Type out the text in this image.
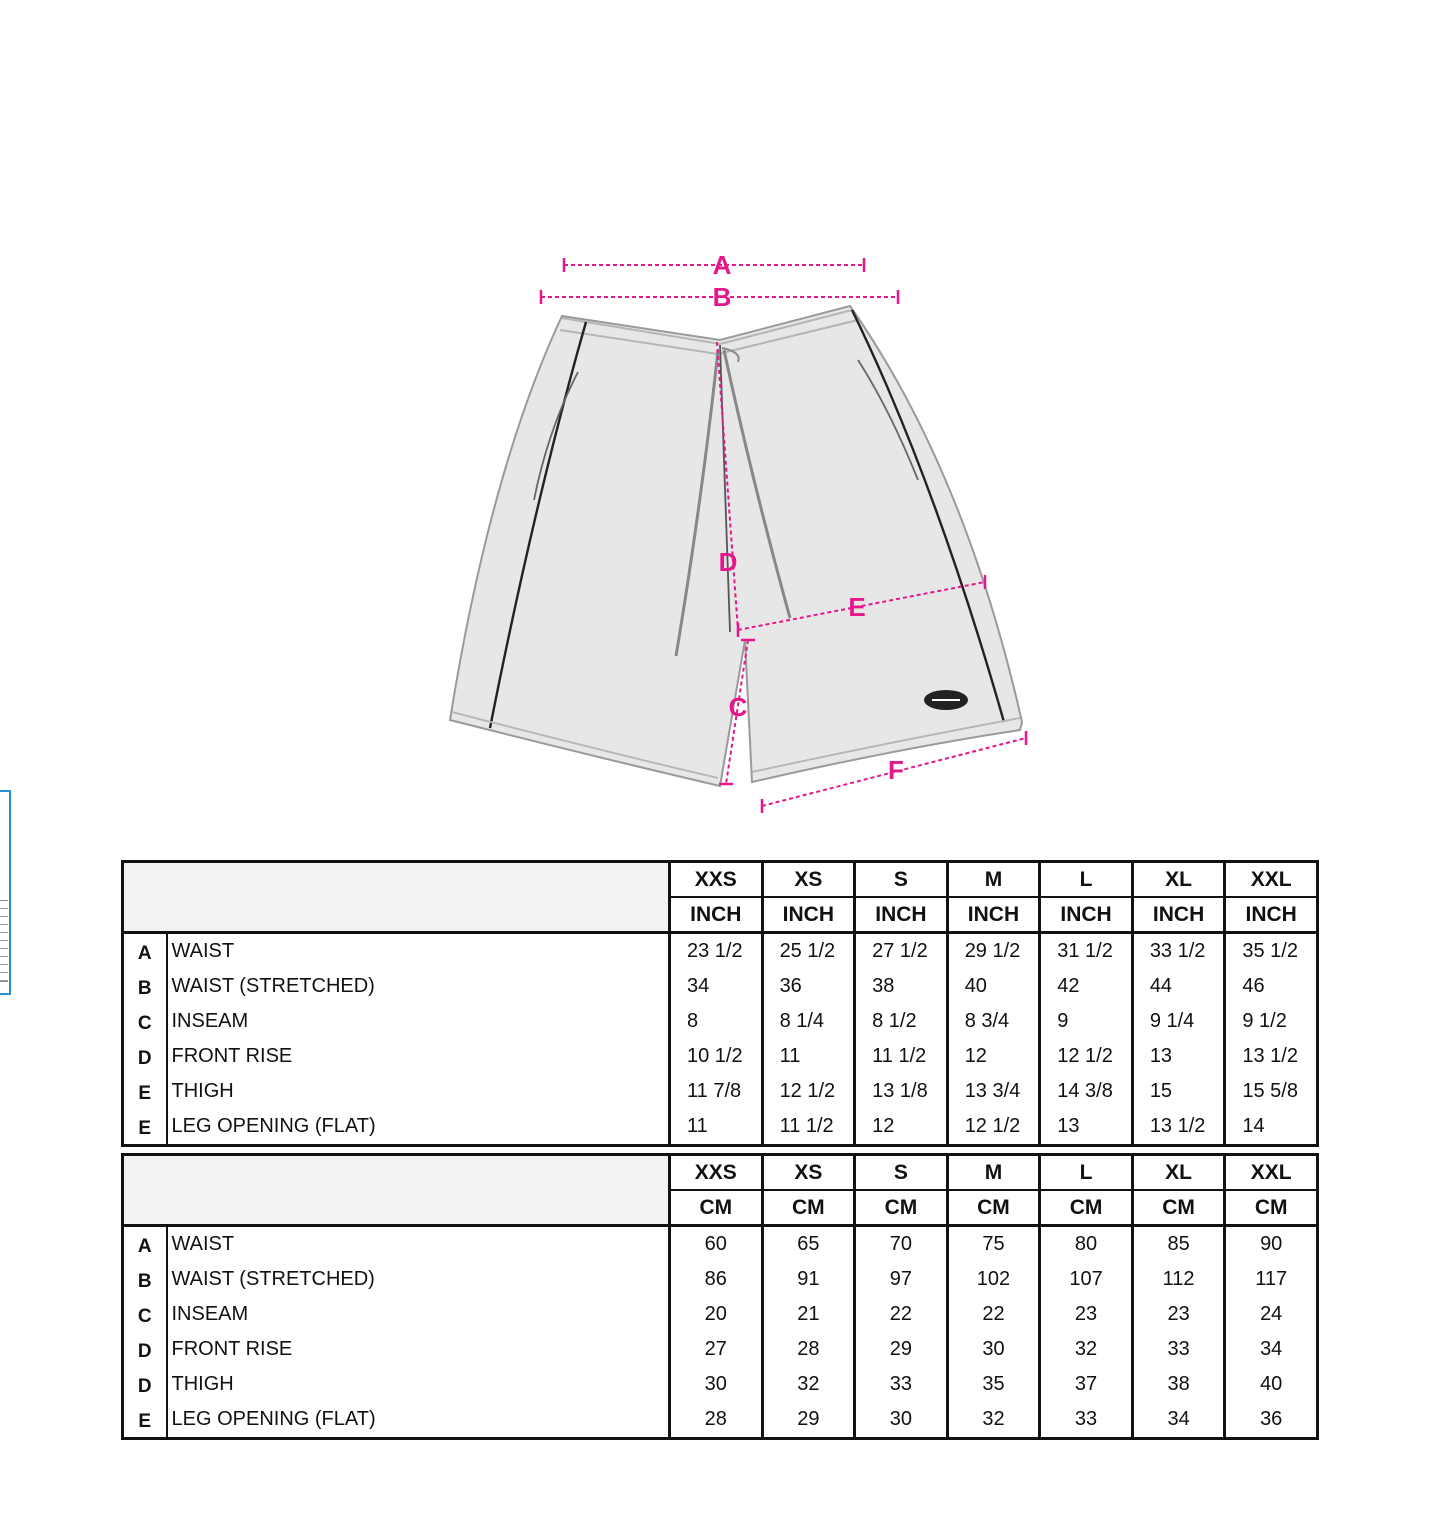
A
B
D
E
C
F
		XXS	XS	S	M	L	XL	XXL
		INCH	INCH	INCH	INCH	INCH	INCH	INCH
A	WAIST	23 1/2	25 1/2	27 1/2	29 1/2	31 1/2	33 1/2	35 1/2
B	WAIST (STRETCHED)	34	36	38	40	42	44	46
C	INSEAM	8	8 1/4	8 1/2	8 3/4	9	9 1/4	9 1/2
D	FRONT RISE	10 1/2	11	11 1/2	12	12 1/2	13	13 1/2
E	THIGH	11 7/8	12 1/2	13 1/8	13 3/4	14 3/8	15	15 5/8
E	LEG OPENING (FLAT)	11	11 1/2	12	12 1/2	13	13 1/2	14
		XXS	XS	S	M	L	XL	XXL
		CM	CM	CM	CM	CM	CM	CM
A	WAIST	60	65	70	75	80	85	90
B	WAIST (STRETCHED)	86	91	97	102	107	112	117
C	INSEAM	20	21	22	22	23	23	24
D	FRONT RISE	27	28	29	30	32	33	34
D	THIGH	30	32	33	35	37	38	40
E	LEG OPENING (FLAT)	28	29	30	32	33	34	36
